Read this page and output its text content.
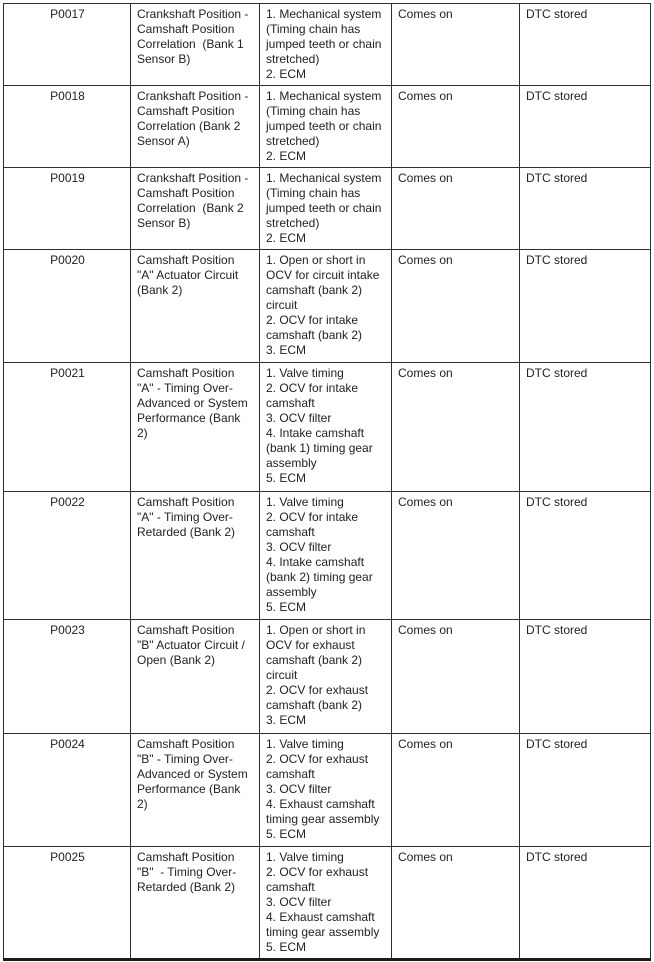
P0017	Crankshaft Position - Camshaft Position Correlation  (Bank 1 Sensor B)	1. Mechanical system (Timing chain has jumped teeth or chain stretched)
2. ECM	Comes on	DTC stored
P0018	Crankshaft Position - Camshaft Position Correlation (Bank 2 Sensor A)	1. Mechanical system (Timing chain has jumped teeth or chain stretched)
2. ECM	Comes on	DTC stored
P0019	Crankshaft Position - Camshaft Position Correlation  (Bank 2 Sensor B)	1. Mechanical system (Timing chain has jumped teeth or chain stretched)
2. ECM	Comes on	DTC stored
P0020	Camshaft Position "A" Actuator Circuit (Bank 2)	1. Open or short in OCV for circuit intake camshaft (bank 2) circuit
2. OCV for intake camshaft (bank 2)
3. ECM	Comes on	DTC stored
P0021	Camshaft Position "A" - Timing Over-Advanced or System Performance (Bank 2)	1. Valve timing
2. OCV for intake camshaft
3. OCV filter
4. Intake camshaft (bank 1) timing gear assembly
5. ECM	Comes on	DTC stored
P0022	Camshaft Position "A" - Timing Over-Retarded (Bank 2)	1. Valve timing
2. OCV for intake camshaft
3. OCV filter
4. Intake camshaft (bank 2) timing gear assembly
5. ECM	Comes on	DTC stored
P0023	Camshaft Position "B" Actuator Circuit / Open (Bank 2)	1. Open or short in OCV for exhaust camshaft (bank 2) circuit
2. OCV for exhaust camshaft (bank 2)
3. ECM	Comes on	DTC stored
P0024	Camshaft Position "B" - Timing Over-Advanced or System Performance (Bank 2)	1. Valve timing
2. OCV for exhaust camshaft
3. OCV filter
4. Exhaust camshaft timing gear assembly
5. ECM	Comes on	DTC stored
P0025	Camshaft Position "B"  - Timing Over-Retarded (Bank 2)	1. Valve timing
2. OCV for exhaust camshaft
3. OCV filter
4. Exhaust camshaft timing gear assembly
5. ECM	Comes on	DTC stored
